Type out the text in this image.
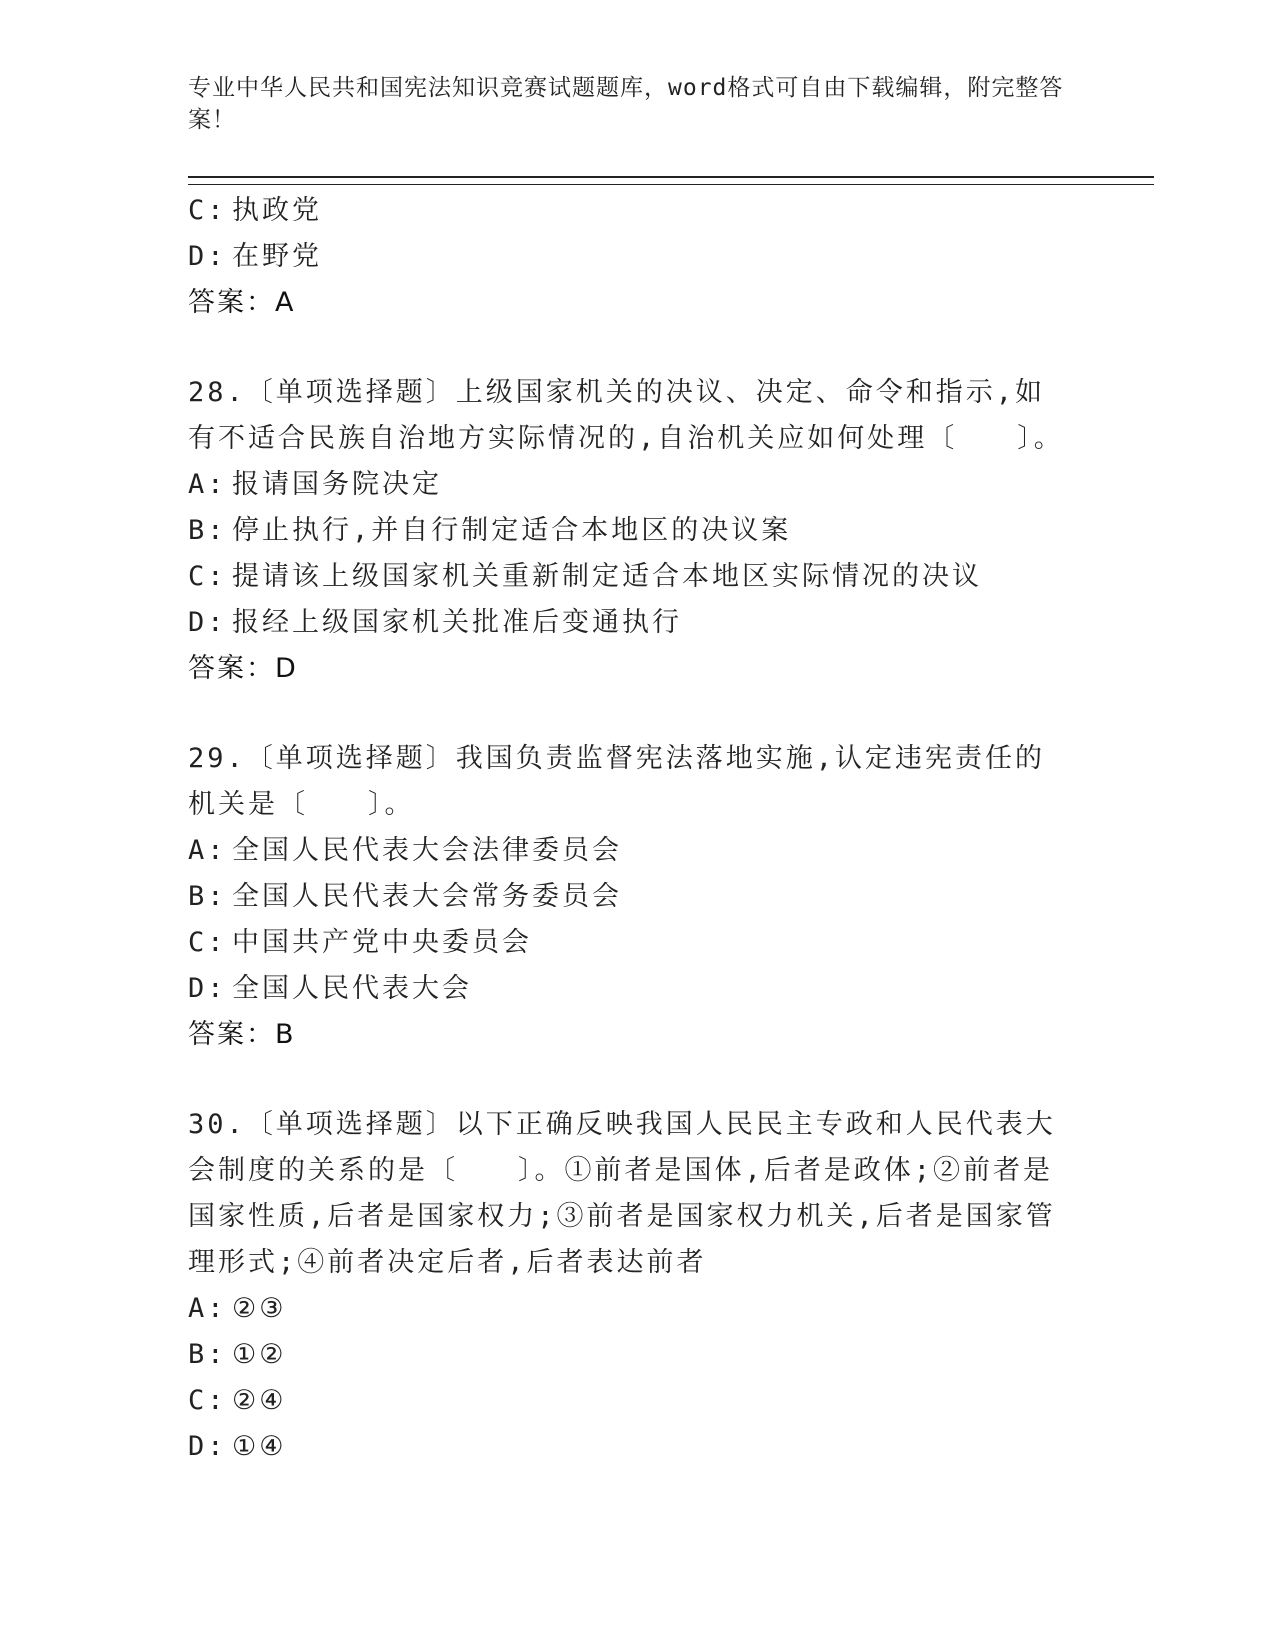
专业中华人民共和国宪法知识竞赛试题题库，word格式可自由下载编辑，附完整答案！
C: 执政党
D: 在野党
答案：A
28.〔单项选择题〕上级国家机关的决议、决定、命令和指示,如有不适合民族自治地方实际情况的,自治机关应如何处理〔　　〕。
A: 报请国务院决定
B: 停止执行,并自行制定适合本地区的决议案
C: 提请该上级国家机关重新制定适合本地区实际情况的决议
D: 报经上级国家机关批准后变通执行
答案：D
29.〔单项选择题〕我国负责监督宪法落地实施,认定违宪责任的机关是〔　　〕。
A: 全国人民代表大会法律委员会
B: 全国人民代表大会常务委员会
C: 中国共产党中央委员会
D: 全国人民代表大会
答案：B
30.〔单项选择题〕以下正确反映我国人民民主专政和人民代表大会制度的关系的是〔　　〕。①前者是国体,后者是政体;②前者是国家性质,后者是国家权力;③前者是国家权力机关,后者是国家管理形式;④前者决定后者,后者表达前者
A: ②③
B: ①②
C: ②④
D: ①④
